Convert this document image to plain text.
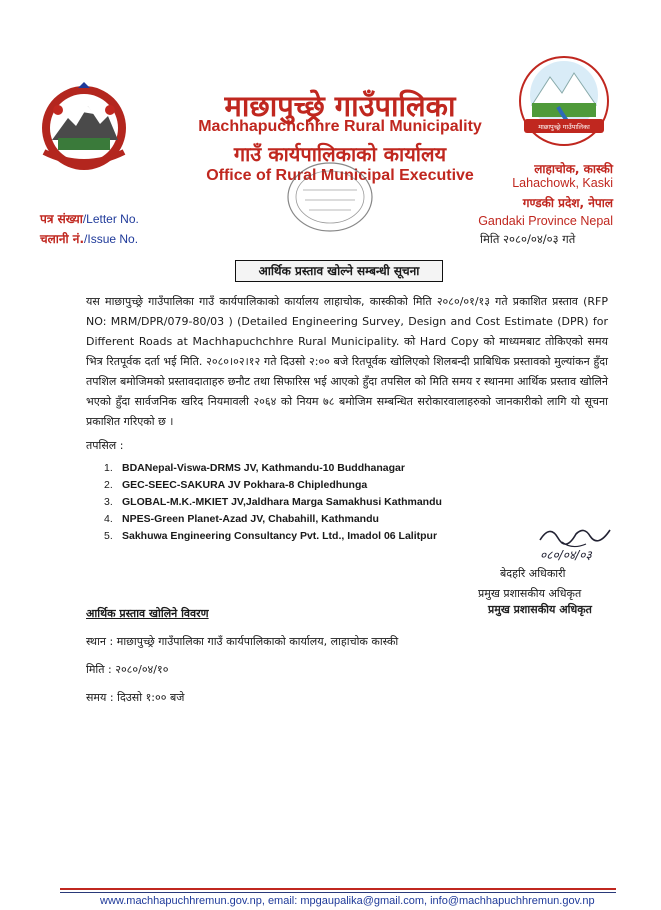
माछापुच्छ्रे गाउँपालिका
माछापुच्छ्रे गाउँपालिका
Machhapuchchhre Rural Municipality
गाउँ कार्यपालिकाको कार्यालय
Office of Rural Municipal Executive	लाहाचोक, कास्की
Lahachowk, Kaski
गण्डकी प्रदेश, नेपाल
Gandaki Province Nepal
मिति २०८०/०४/०३ गते
पत्र संख्या/Letter No.
चलानी नं./Issue No.
आर्थिक प्रस्ताव खोल्ने सम्बन्धी सूचना
यस माछापुच्छ्रे गाउँपालिका गाउँ कार्यपालिकाको कार्यालय लाहाचोक, कास्कीको मिति २०८०/०१/१३ गते प्रकाशित प्रस्ताव (RFP NO: MRM/DPR/079-80/03 ) (Detailed Engineering Survey, Design and Cost Estimate (DPR) for Different Roads at Machhapuchchhre Rural Municipality. को Hard Copy को माध्यमबाट तोकिएको समय भित्र रितपूर्वक दर्ता भई मिति. २०८०।०२।१२ गते दिउसो २:०० बजे रितपूर्वक खोलिएको शिलबन्दी प्राबिधिक प्रस्तावको मुल्यांकन हुँदा तपशिल बमोजिमको प्रस्तावदाताहरु छनौट तथा सिफारिस भई आएको हुँदा तपसिल को मिति समय र स्थानमा आर्थिक प्रस्ताव खोलिने भएको हुँदा सार्वजनिक खरिद नियमावली २०६४ को नियम ७८ बमोजिम सम्बन्धित सरोकारवालाहरुको जानकारीको लागि यो सूचना प्रकाशित गरिएको छ ।
तपसिल :
1. BDANepal-Viswa-DRMS JV, Kathmandu-10 Buddhanagar
2. GEC-SEEC-SAKURA JV Pokhara-8 Chipledhunga
3. GLOBAL-M.K.-MKIET JV,Jaldhara Marga Samakhusi Kathmandu
4. NPES-Green Planet-Azad JV, Chabahill, Kathmandu
5. Sakhuwa Engineering Consultancy Pvt. Ltd., Imadol 06 Lalitpur
०८०/०४/०३
बेदहरि अधिकारी
प्रमुख प्रशासकीय अधिकृत
प्रमुख प्रशासकीय अधिकृत
आर्थिक प्रस्ताव खोलिने विवरण
स्थान : माछापुच्छ्रे गाउँपालिका गाउँ कार्यपालिकाको कार्यालय, लाहाचोक कास्की
मिति : २०८०/०४/१०
समय : दिउसो १:०० बजे
www.machhapuchhremun.gov.np, email: mpgaupalika@gmail.com, info@machhapuchhremun.gov.np
